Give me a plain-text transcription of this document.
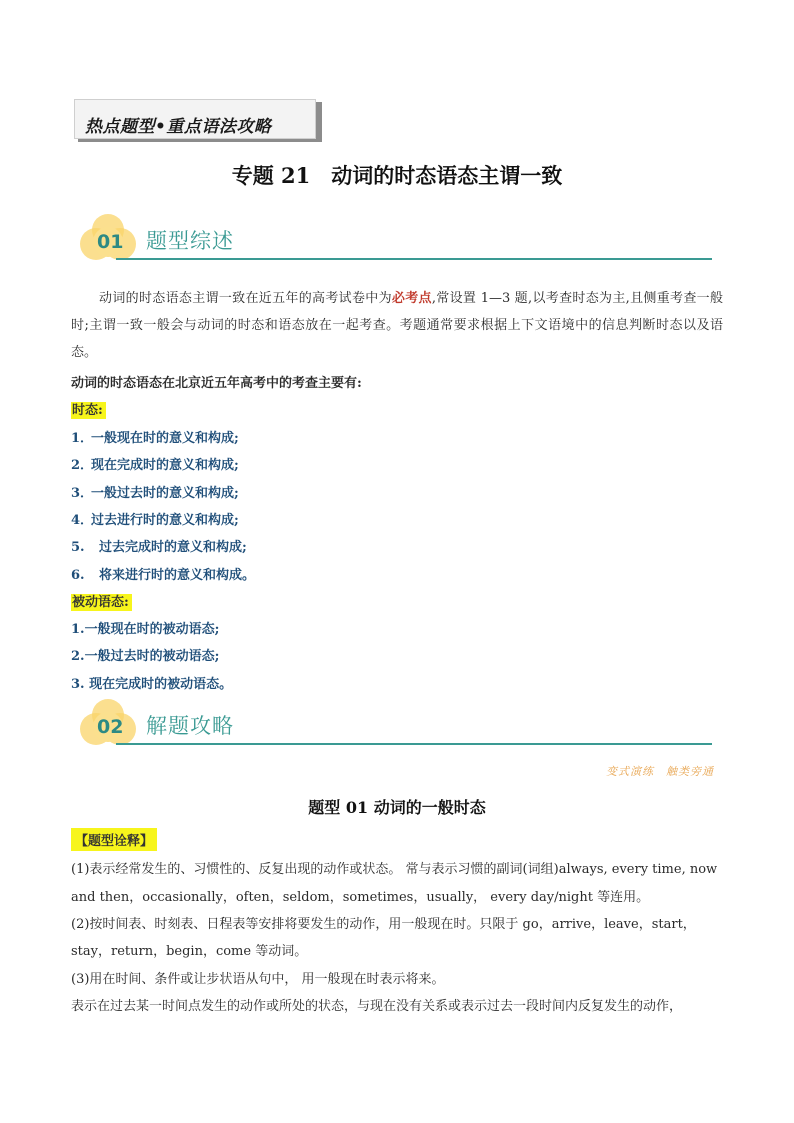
热点题型•重点语法攻略
专题 21　动词的时态语态主谓一致
01 题型综述
动词的时态语态主谓一致在近五年的高考试卷中为必考点,常设置 1—3 题,以考查时态为主,且侧重考查一般时;主谓一致一般会与动词的时态和语态放在一起考查。考题通常要求根据上下文语境中的信息判断时态以及语态。
动词的时态语态在北京近五年高考中的考查主要有:
时态:
1．一般现在时的意义和构成;
2．现在完成时的意义和构成;
3．一般过去时的意义和构成;
4．过去进行时的意义和构成;
5. 过去完成时的意义和构成;
6. 将来进行时的意义和构成。
被动语态:
1.一般现在时的被动语态;
2.一般过去时的被动语态;
3. 现在完成时的被动语态。
02 解题攻略
变式演练　触类旁通
题型 01 动词的一般时态
【题型诠释】
(1)表示经常发生的、习惯性的、反复出现的动作或状态。 常与表示习惯的副词(词组)always, every time, now
and then，occasionally，often，seldom，sometimes，usually， every day/night 等连用。
(2)按时间表、时刻表、日程表等安排将要发生的动作，用一般现在时。只限于 go，arrive，leave，start，
stay，return，begin，come 等动词。
(3)用在时间、条件或让步状语从句中， 用一般现在时表示将来。
表示在过去某一时间点发生的动作或所处的状态，与现在没有关系或表示过去一段时间内反复发生的动作，
